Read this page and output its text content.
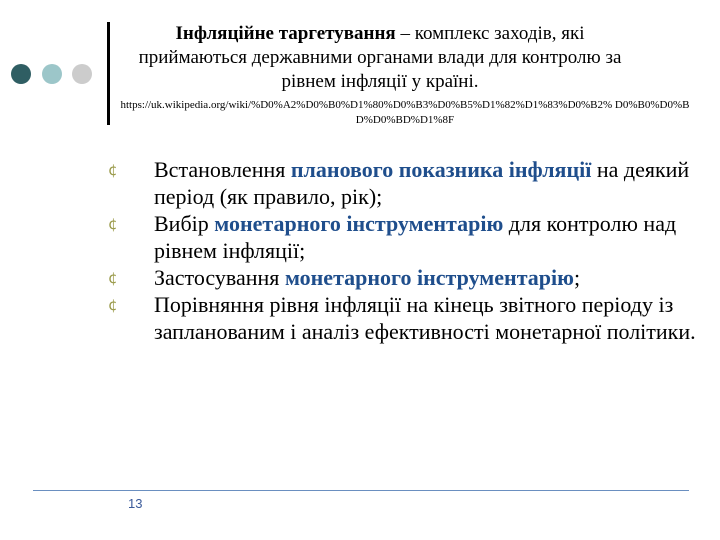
Інфляційне таргетування – комплекс заходів, які приймаються державними органами влади для контролю за рівнем інфляції у країні.
https://uk.wikipedia.org/wiki/%D0%A2%D0%B0%D1%80%D0%B3%D0%B5%D1%82%D1%83%D0%B2% D0%B0%D0%BD%D0%BD%D1%8F
¢	Встановлення планового показника інфляції на деякий період (як правило, рік);
¢	Вибір монетарного інструментарію для контролю над рівнем інфляції;
¢	Застосування монетарного інструментарію;
¢	Порівняння рівня інфляції на кінець звітного періоду із запланованим і аналіз ефективності монетарної політики.
13
